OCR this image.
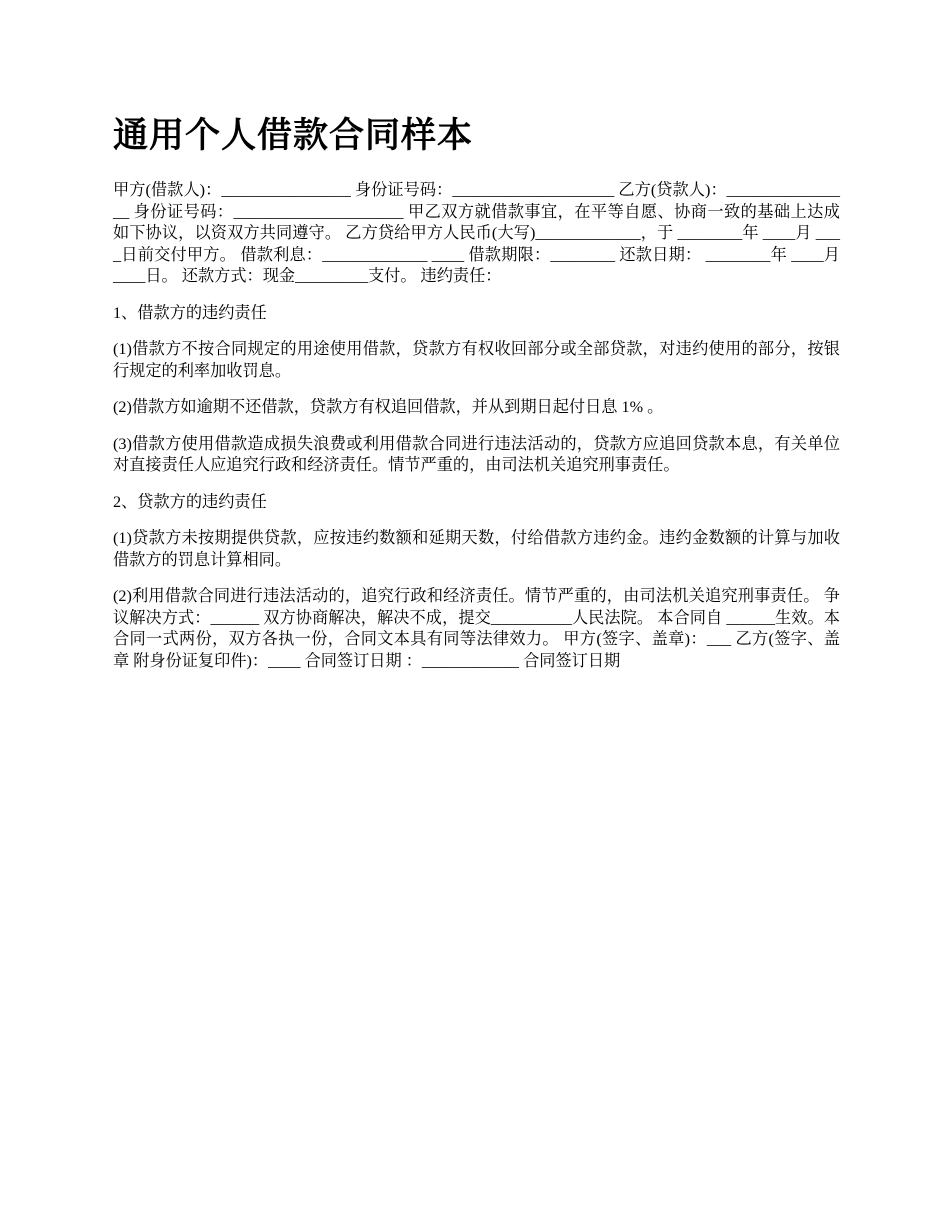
通用个人借款合同样本

甲方(借款人)：________________ 身份证号码：____________________ 乙方(贷款人)：________________ 身份证号码：_____________________ 甲乙双方就借款事宜，在平等自愿、协商一致的基础上达成如下协议，以资双方共同遵守。 乙方贷给甲方人民币(大写)_____________，于 ________年 ____月 ____日前交付甲方。 借款利息：_____________ ____ 借款期限：________ 还款日期： ________年 ____月 ____日。 还款方式：现金_________支付。 违约责任：

1、借款方的违约责任

(1)借款方不按合同规定的用途使用借款，贷款方有权收回部分或全部贷款，对违约使用的部分，按银行规定的利率加收罚息。

(2)借款方如逾期不还借款，贷款方有权追回借款，并从到期日起付日息 1% 。

(3)借款方使用借款造成损失浪费或利用借款合同进行违法活动的，贷款方应追回贷款本息，有关单位对直接责任人应追究行政和经济责任。情节严重的，由司法机关追究刑事责任。

2、贷款方的违约责任

(1)贷款方未按期提供贷款，应按违约数额和延期天数，付给借款方违约金。违约金数额的计算与加收借款方的罚息计算相同。

(2)利用借款合同进行违法活动的，追究行政和经济责任。情节严重的，由司法机关追究刑事责任。 争议解决方式：______ 双方协商解决，解决不成，提交__________人民法院。 本合同自 ______生效。本合同一式两份，双方各执一份，合同文本具有同等法律效力。 甲方(签字、盖章)：___ 乙方(签字、盖章 附身份证复印件)：____ 合同签订日期 ：____________ 合同签订日期
